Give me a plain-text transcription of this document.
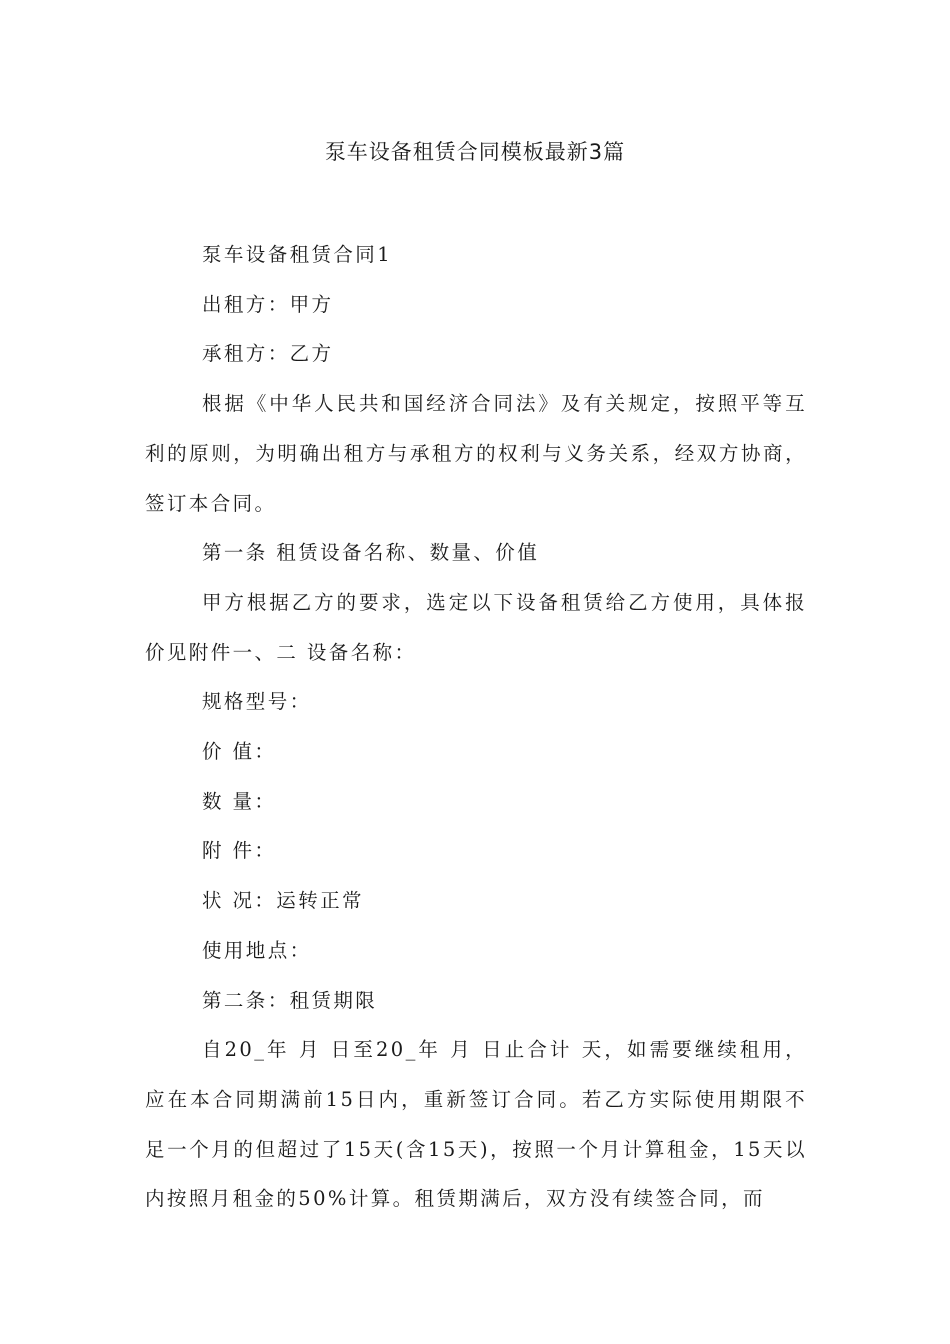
泵车设备租赁合同模板最新3篇

泵车设备租赁合同1

出租方：甲方

承租方：乙方

根据《中华人民共和国经济合同法》及有关规定，按照平等互利的原则，为明确出租方与承租方的权利与义务关系，经双方协商，签订本合同。

第一条 租赁设备名称、数量、价值

甲方根据乙方的要求，选定以下设备租赁给乙方使用，具体报价见附件一、二 设备名称：

规格型号：

价 值：

数 量：

附 件：

状 况：运转正常

使用地点：

第二条：租赁期限

自20_年 月 日至20_年 月 日止合计 天，如需要继续租用，应在本合同期满前15日内，重新签订合同。若乙方实际使用期限不足一个月的但超过了15天(含15天)，按照一个月计算租金，15天以内按照月租金的50%计算。租赁期满后，双方没有续签合同，而
